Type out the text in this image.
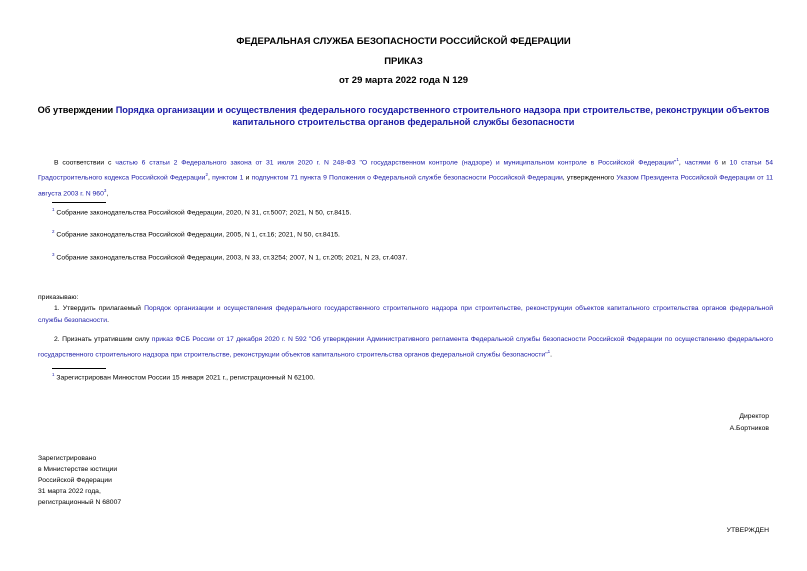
ФЕДЕРАЛЬНАЯ СЛУЖБА БЕЗОПАСНОСТИ РОССИЙСКОЙ ФЕДЕРАЦИИ
ПРИКАЗ
от 29 марта 2022 года N 129
Об утверждении Порядка организации и осуществления федерального государственного строительного надзора при строительстве, реконструкции объектов капитального строительства органов федеральной службы безопасности
В соответствии с частью 6 статьи 2 Федерального закона от 31 июля 2020 г. N 248-ФЗ "О государственном контроле (надзоре) и муниципальном контроле в Российской Федерации"$^1$, частями 6 и 10 статьи 54 Градостроительного кодекса Российской Федерации$^2$, пунктом 1 и подпунктом 71 пункта 9 Положения о Федеральной службе безопасности Российской Федерации, утвержденного Указом Президента Российской Федерации от 11 августа 2003 г. N $960^3$,
$^1$ Собрание законодательства Российской Федерации, 2020, N 31, ст.5007; 2021, N 50, ст.8415.
$^2$ Собрание законодательства Российской Федерации, 2005, N 1, ст.16; 2021, N 50, ст.8415.
$^3$ Собрание законодательства Российской Федерации, 2003, N 33, ст.3254; 2007, N 1, ст.205; 2021, N 23, ст.4037.
приказываю:
1. Утвердить прилагаемый Порядок организации и осуществления федерального государственного строительного надзора при строительстве, реконструкции объектов капитального строительства органов федеральной службы безопасности.
2. Признать утратившим силу приказ ФСБ России от 17 декабря 2020 г. N 592 "Об утверждении Административного регламента Федеральной службы безопасности Российской Федерации по осуществлению федерального государственного строительного надзора при строительстве, реконструкции объектов капитального строительства органов федеральной службы безопасности"$^1$.
$^1$ Зарегистрирован Минюстом России 15 января 2021 г., регистрационный N 62100.
Директор
А.Бортников
Зарегистрировано
в Министерстве юстиции
Российской Федерации
31 марта 2022 года,
регистрационный N 68007
УТВЕРЖДЕН
